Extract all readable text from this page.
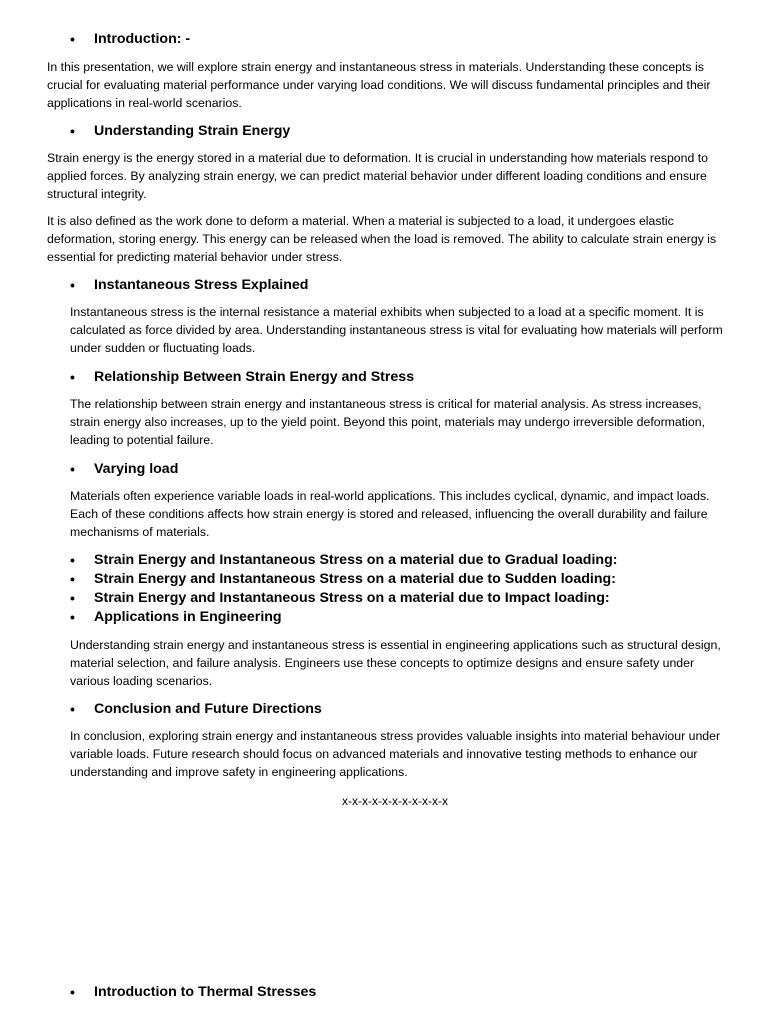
•	Introduction: -

In this presentation, we will explore strain energy and instantaneous stress in materials. Understanding these concepts is crucial for evaluating material performance under varying load conditions. We will discuss fundamental principles and their applications in real-world scenarios.

•	Understanding Strain Energy

Strain energy is the energy stored in a material due to deformation. It is crucial in understanding how materials respond to applied forces. By analyzing strain energy, we can predict material behavior under different loading conditions and ensure structural integrity.

It is also defined as the work done to deform a material. When a material is subjected to a load, it undergoes elastic deformation, storing energy. This energy can be released when the load is removed. The ability to calculate strain energy is essential for predicting material behavior under stress.

•	Instantaneous Stress Explained

Instantaneous stress is the internal resistance a material exhibits when subjected to a load at a specific moment. It is calculated as force divided by area. Understanding instantaneous stress is vital for evaluating how materials will perform under sudden or fluctuating loads.

•	Relationship Between Strain Energy and Stress

The relationship between strain energy and instantaneous stress is critical for material analysis. As stress increases, strain energy also increases, up to the yield point. Beyond this point, materials may undergo irreversible deformation, leading to potential failure.

•	Varying load

Materials often experience variable loads in real-world applications. This includes cyclical, dynamic, and impact loads. Each of these conditions affects how strain energy is stored and released, influencing the overall durability and failure mechanisms of materials.

•	Strain Energy and Instantaneous Stress on a material due to Gradual loading:
•	Strain Energy and Instantaneous Stress on a material due to Sudden loading:
•	Strain Energy and Instantaneous Stress on a material due to Impact loading:
•	Applications in Engineering

Understanding strain energy and instantaneous stress is essential in engineering applications such as structural design, material selection, and failure analysis. Engineers use these concepts to optimize designs and ensure safety under various loading scenarios.

•	Conclusion and Future Directions

In conclusion, exploring strain energy and instantaneous stress provides valuable insights into material behaviour under variable loads. Future research should focus on advanced materials and innovative testing methods to enhance our understanding and improve safety in engineering applications.

x-x-x-x-x-x-x-x-x-x-x
•	Introduction to Thermal Stresses
